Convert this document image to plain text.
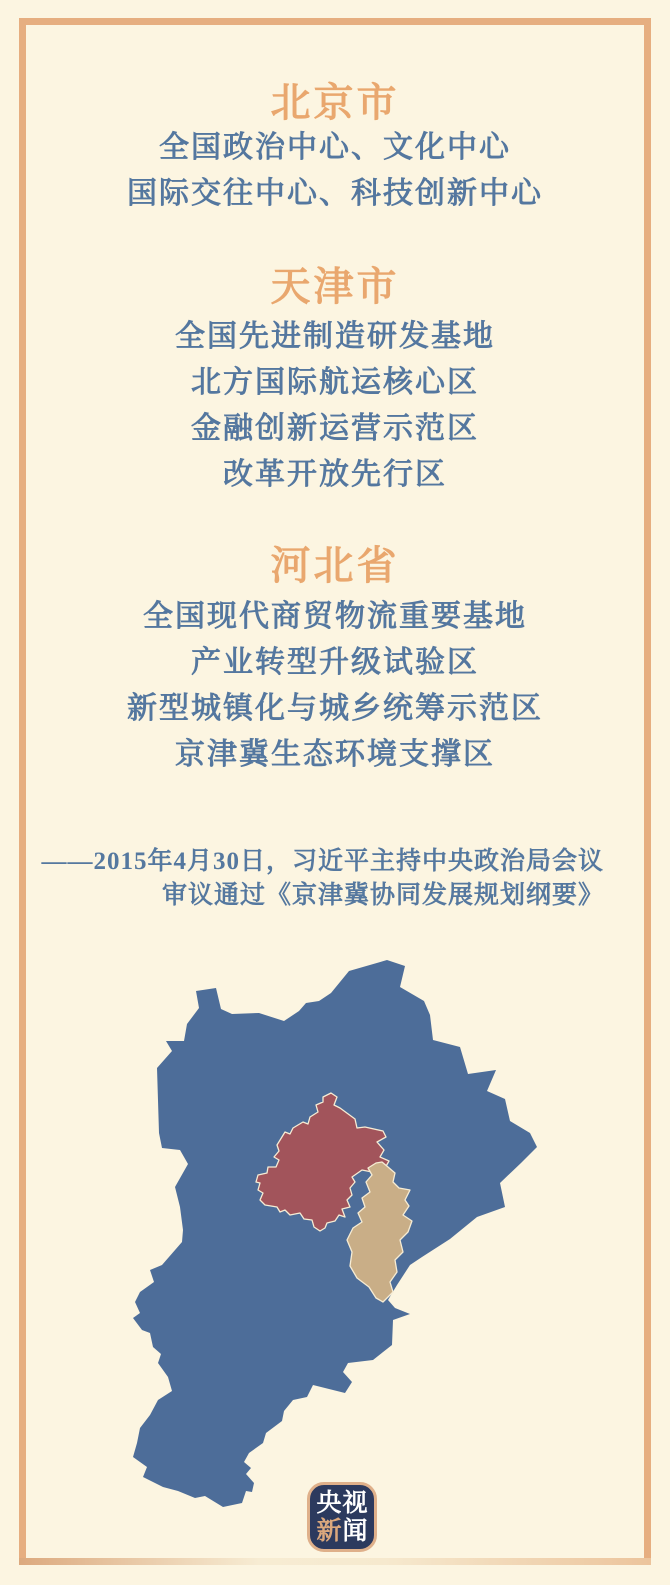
北京市
全国政治中心、文化中心
国际交往中心、科技创新中心
天津市
全国先进制造研发基地
北方国际航运核心区
金融创新运营示范区
改革开放先行区
河北省
全国现代商贸物流重要基地
产业转型升级试验区
新型城镇化与城乡统筹示范区
京津冀生态环境支撑区
——2015年4月30日，习近平主持中央政治局会议
审议通过《京津冀协同发展规划纲要》
央 视
新 闻
